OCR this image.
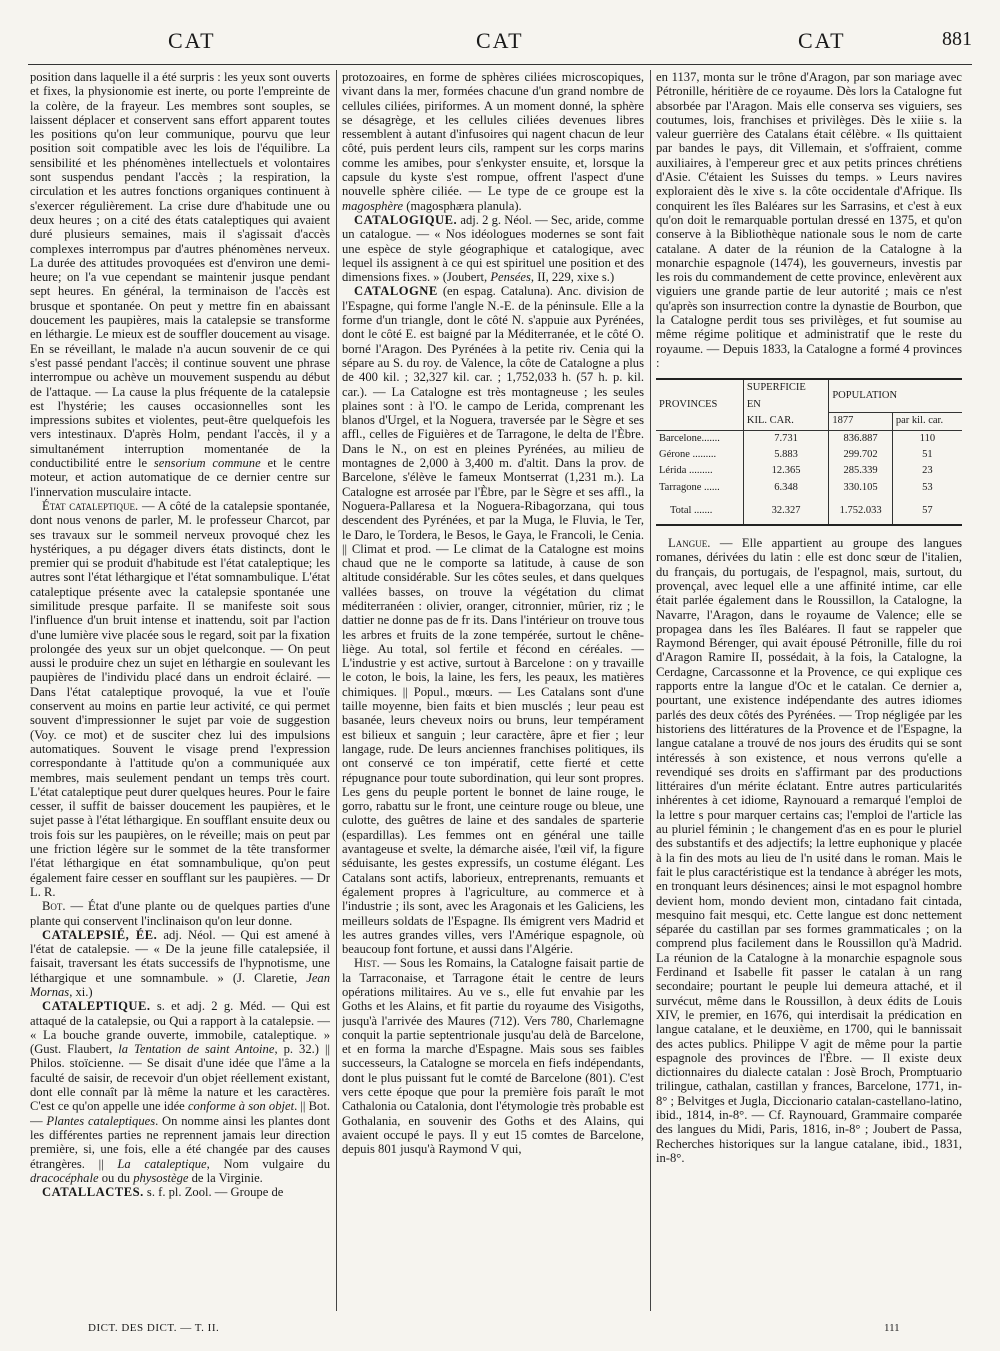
CAT	CAT	CAT	881

position dans laquelle il a été surpris : les yeux sont ouverts et fixes, la physionomie est inerte, ou porte l'empreinte de la colère, de la frayeur. Les membres sont souples, se laissent déplacer et conservent sans effort apparent toutes les positions qu'on leur communique, pourvu que leur position soit compatible avec les lois de l'équilibre. La sensibilité et les phénomènes intellectuels et volontaires sont suspendus pendant l'accès ; la respiration, la circulation et les autres fonctions organiques continuent à s'exercer régulièrement. La crise dure d'habitude une ou deux heures ; on a cité des états cataleptiques qui avaient duré plusieurs semaines, mais il s'agissait d'accès complexes interrompus par d'autres phénomènes nerveux. La durée des attitudes provoquées est d'environ une demi-heure; on l'a vue cependant se maintenir jusque pendant sept heures. En général, la terminaison de l'accès est brusque et spontanée. On peut y mettre fin en abaissant doucement les paupières, mais la catalepsie se transforme en léthargie. Le mieux est de souffler doucement au visage. En se réveillant, le malade n'a aucun souvenir de ce qui s'est passé pendant l'accès; il continue souvent une phrase interrompue ou achève un mouvement suspendu au début de l'attaque. — La cause la plus fréquente de la catalepsie est l'hystérie; les causes occasionnelles sont les impressions subites et violentes, peut-être quelquefois les vers intestinaux. D'après Holm, pendant l'accès, il y a simultanément interruption momentanée de la conductibilité entre le sensorium commune et le centre moteur, et action automatique de ce dernier centre sur l'innervation musculaire intacte.

État cataleptique. — A côté de la catalepsie spontanée, dont nous venons de parler, M. le professeur Charcot, par ses travaux sur le sommeil nerveux provoqué chez les hystériques, a pu dégager divers états distincts, dont le premier qui se produit d'habitude est l'état cataleptique; les autres sont l'état léthargique et l'état somnambulique. L'état cataleptique présente avec la catalepsie spontanée une similitude presque parfaite. Il se manifeste soit sous l'influence d'un bruit intense et inattendu, soit par l'action d'une lumière vive placée sous le regard, soit par la fixation prolongée des yeux sur un objet quelconque. — On peut aussi le produire chez un sujet en léthargie en soulevant les paupières de l'individu placé dans un endroit éclairé. — Dans l'état cataleptique provoqué, la vue et l'ouïe conservent au moins en partie leur activité, ce qui permet souvent d'impressionner le sujet par voie de suggestion (Voy. ce mot) et de susciter chez lui des impulsions automatiques. Souvent le visage prend l'expression correspondante à l'attitude qu'on a communiquée aux membres, mais seulement pendant un temps très court. L'état cataleptique peut durer quelques heures. Pour le faire cesser, il suffit de baisser doucement les paupières, et le sujet passe à l'état léthargique. En soufflant ensuite deux ou trois fois sur les paupières, on le réveille; mais on peut par une friction légère sur le sommet de la tête transformer l'état léthargique en état somnambulique, qu'on peut également faire cesser en soufflant sur les paupières. — Dr L. R.

Bot. — État d'une plante ou de quelques parties d'une plante qui conservent l'inclinaison qu'on leur donne.

CATALEPSIÉ, ÉE. adj. Néol. — Qui est amené à l'état de catalepsie. — « De la jeune fille catalepsiée, il faisait, traversant les états successifs de l'hypnotisme, une léthargique et une somnambule. » (J. Claretie, Jean Mornas, xi.)

CATALEPTIQUE. s. et adj. 2 g. Méd. — Qui est attaqué de la catalepsie, ou Qui a rapport à la catalepsie. — « La bouche grande ouverte, immobile, cataleptique. » (Gust. Flaubert, la Tentation de saint Antoine, p. 32.) || Philos. stoïcienne. — Se disait d'une idée que l'âme a la faculté de saisir, de recevoir d'un objet réellement existant, dont elle connaît par là même la nature et les caractères. C'est ce qu'on appelle une idée conforme à son objet. || Bot. — Plantes cataleptiques. On nomme ainsi les plantes dont les différentes parties ne reprennent jamais leur direction première, si, une fois, elle a été changée par des causes étrangères. || La cataleptique, Nom vulgaire du dracocéphale ou du physostège de la Virginie.

CATALLACTES. s. f. pl. Zool. — Groupe de

protozoaires, en forme de sphères ciliées microscopiques, vivant dans la mer, formées chacune d'un grand nombre de cellules ciliées, piriformes. A un moment donné, la sphère se désagrège, et les cellules ciliées devenues libres ressemblent à autant d'infusoires qui nagent chacun de leur côté, puis perdent leurs cils, rampent sur les corps marins comme les amibes, pour s'enkyster ensuite, et, lorsque la capsule du kyste s'est rompue, offrent l'aspect d'une nouvelle sphère ciliée. — Le type de ce groupe est la magosphère (magosphæra planula).

CATALOGIQUE. adj. 2 g. Néol. — Sec, aride, comme un catalogue. — « Nos idéologues modernes se sont fait une espèce de style géographique et catalogique, avec lequel ils assignent à ce qui est spirituel une position et des dimensions fixes. » (Joubert, Pensées, II, 229, xixe s.)

CATALOGNE (en espag. Cataluna). Anc. division de l'Espagne, qui forme l'angle N.-E. de la péninsule. Elle a la forme d'un triangle, dont le côté N. s'appuie aux Pyrénées, dont le côté E. est baigné par la Méditerranée, et le côté O. borné l'Aragon. Des Pyrénées à la petite riv. Cenia qui la sépare au S. du roy. de Valence, la côte de Catalogne a plus de 400 kil. ; 32,327 kil. car. ; 1,752,033 h. (57 h. p. kil. car.). — La Catalogne est très montagneuse ; les seules plaines sont : à l'O. le campo de Lerida, comprenant les blanos d'Urgel, et la Noguera, traversée par le Sègre et ses affl., celles de Figuières et de Tarragone, le delta de l'Èbre. Dans le N., on est en pleines Pyrénées, au milieu de montagnes de 2,000 à 3,400 m. d'altit. Dans la prov. de Barcelone, s'élève le fameux Montserrat (1,231 m.). La Catalogne est arrosée par l'Èbre, par le Sègre et ses affl., la Noguera-Pallaresa et la Noguera-Ribagorzana, qui tous descendent des Pyrénées, et par la Muga, le Fluvia, le Ter, le Daro, le Tordera, le Besos, le Gaya, le Francoli, le Cenia. || Climat et prod. — Le climat de la Catalogne est moins chaud que ne le comporte sa latitude, à cause de son altitude considérable. Sur les côtes seules, et dans quelques vallées basses, on trouve la végétation du climat méditerranéen : olivier, oranger, citronnier, mûrier, riz ; le dattier ne donne pas de fr its. Dans l'intérieur on trouve tous les arbres et fruits de la zone tempérée, surtout le chêne-liège. Au total, sol fertile et fécond en céréales. — L'industrie y est active, surtout à Barcelone : on y travaille le coton, le bois, la laine, les fers, les peaux, les matières chimiques. || Popul., mœurs. — Les Catalans sont d'une taille moyenne, bien faits et bien musclés ; leur peau est basanée, leurs cheveux noirs ou bruns, leur tempérament est bilieux et sanguin ; leur caractère, âpre et fier ; leur langage, rude. De leurs anciennes franchises politiques, ils ont conservé ce ton impératif, cette fierté et cette répugnance pour toute subordination, qui leur sont propres. Les gens du peuple portent le bonnet de laine rouge, le gorro, rabattu sur le front, une ceinture rouge ou bleue, une culotte, des guêtres de laine et des sandales de sparterie (espardillas). Les femmes ont en général une taille avantageuse et svelte, la démarche aisée, l'œil vif, la figure séduisante, les gestes expressifs, un costume élégant. Les Catalans sont actifs, laborieux, entreprenants, remuants et également propres à l'agriculture, au commerce et à l'industrie ; ils sont, avec les Aragonais et les Galiciens, les meilleurs soldats de l'Espagne. Ils émigrent vers Madrid et les autres grandes villes, vers l'Amérique espagnole, où beaucoup font fortune, et aussi dans l'Algérie.

Hist. — Sous les Romains, la Catalogne faisait partie de la Tarraconaise, et Tarragone était le centre de leurs opérations militaires. Au ve s., elle fut envahie par les Goths et les Alains, et fit partie du royaume des Visigoths, jusqu'à l'arrivée des Maures (712). Vers 780, Charlemagne conquit la partie septentrionale jusqu'au delà de Barcelone, et en forma la marche d'Espagne. Mais sous ses faibles successeurs, la Catalogne se morcela en fiefs indépendants, dont le plus puissant fut le comté de Barcelone (801). C'est vers cette époque que pour la première fois paraît le mot Cathalonia ou Catalonia, dont l'étymologie très probable est Gothalania, en souvenir des Goths et des Alains, qui avaient occupé le pays. Il y eut 15 comtes de Barcelone, depuis 801 jusqu'à Raymond V qui,

en 1137, monta sur le trône d'Aragon, par son mariage avec Pétronille, héritière de ce royaume. Dès lors la Catalogne fut absorbée par l'Aragon. Mais elle conserva ses viguiers, ses coutumes, lois, franchises et privilèges. Dès le xiiie s. la valeur guerrière des Catalans était célèbre. « Ils quittaient par bandes le pays, dit Villemain, et s'offraient, comme auxiliaires, à l'empereur grec et aux petits princes chrétiens d'Asie. C'étaient les Suisses du temps. » Leurs navires exploraient dès le xive s. la côte occidentale d'Afrique. Ils conquirent les îles Baléares sur les Sarrasins, et c'est à eux qu'on doit le remarquable portulan dressé en 1375, et qu'on conserve à la Bibliothèque nationale sous le nom de carte catalane. A dater de la réunion de la Catalogne à la monarchie espagnole (1474), les gouverneurs, investis par les rois du commandement de cette province, enlevèrent aux viguiers une grande partie de leur autorité ; mais ce n'est qu'après son insurrection contre la dynastie de Bourbon, que la Catalogne perdit tous ses privilèges, et fut soumise au même régime politique et administratif que le reste du royaume. — Depuis 1833, la Catalogne a formé 4 provinces :

PROVINCES	SUPERFICIE	POPULATION	
	EN		
	KIL. CAR.	1877	par kil. car.
Barcelone.......	7.731	836.887	110
Gérone .........	5.883	299.702	51
Lérida .........	12.365	285.339	23
Tarragone ......	6.348	330.105	53
Total .......	32.327	1.752.033	57

Langue. — Elle appartient au groupe des langues romanes, dérivées du latin : elle est donc sœur de l'italien, du français, du portugais, de l'espagnol, mais, surtout, du provençal, avec lequel elle a une affinité intime, car elle était parlée également dans le Roussillon, la Catalogne, la Navarre, l'Aragon, dans le royaume de Valence; elle se propagea dans les îles Baléares. Il faut se rappeler que Raymond Bérenger, qui avait épousé Pétronille, fille du roi d'Aragon Ramire II, possédait, à la fois, la Catalogne, la Cerdagne, Carcassonne et la Provence, ce qui explique ces rapports entre la langue d'Oc et le catalan. Ce dernier a, pourtant, une existence indépendante des autres idiomes parlés des deux côtés des Pyrénées. — Trop négligée par les historiens des littératures de la Provence et de l'Espagne, la langue catalane a trouvé de nos jours des érudits qui se sont intéressés à son existence, et nous verrons qu'elle a revendiqué ses droits en s'affirmant par des productions littéraires d'un mérite éclatant. Entre autres particularités inhérentes à cet idiome, Raynouard a remarqué l'emploi de la lettre s pour marquer certains cas; l'emploi de l'article las au pluriel féminin ; le changement d'as en es pour le pluriel des substantifs et des adjectifs; la lettre euphonique y placée à la fin des mots au lieu de l'n usité dans le roman. Mais le fait le plus caractéristique est la tendance à abréger les mots, en tronquant leurs désinences; ainsi le mot espagnol hombre devient hom, mondo devient mon, cintadano fait cintada, mesquino fait mesqui, etc. Cette langue est donc nettement séparée du castillan par ses formes grammaticales ; on la comprend plus facilement dans le Roussillon qu'à Madrid. La réunion de la Catalogne à la monarchie espagnole sous Ferdinand et Isabelle fit passer le catalan à un rang secondaire; pourtant le peuple lui demeura attaché, et il survécut, même dans le Roussillon, à deux édits de Louis XIV, le premier, en 1676, qui interdisait la prédication en langue catalane, et le deuxième, en 1700, qui le bannissait des actes publics. Philippe V agit de même pour la partie espagnole des provinces de l'Èbre. — Il existe deux dictionnaires du dialecte catalan : Josè Broch, Promptuario trilingue, cathalan, castillan y frances, Barcelone, 1771, in-8° ; Belvitges et Jugla, Diccionario catalan-castellano-latino, ibid., 1814, in-8°. — Cf. Raynouard, Grammaire comparée des langues du Midi, Paris, 1816, in-8° ; Joubert de Passa, Recherches historiques sur la langue catalane, ibid., 1831, in-8°.

DICT. DES DICT. — T. II.	111
